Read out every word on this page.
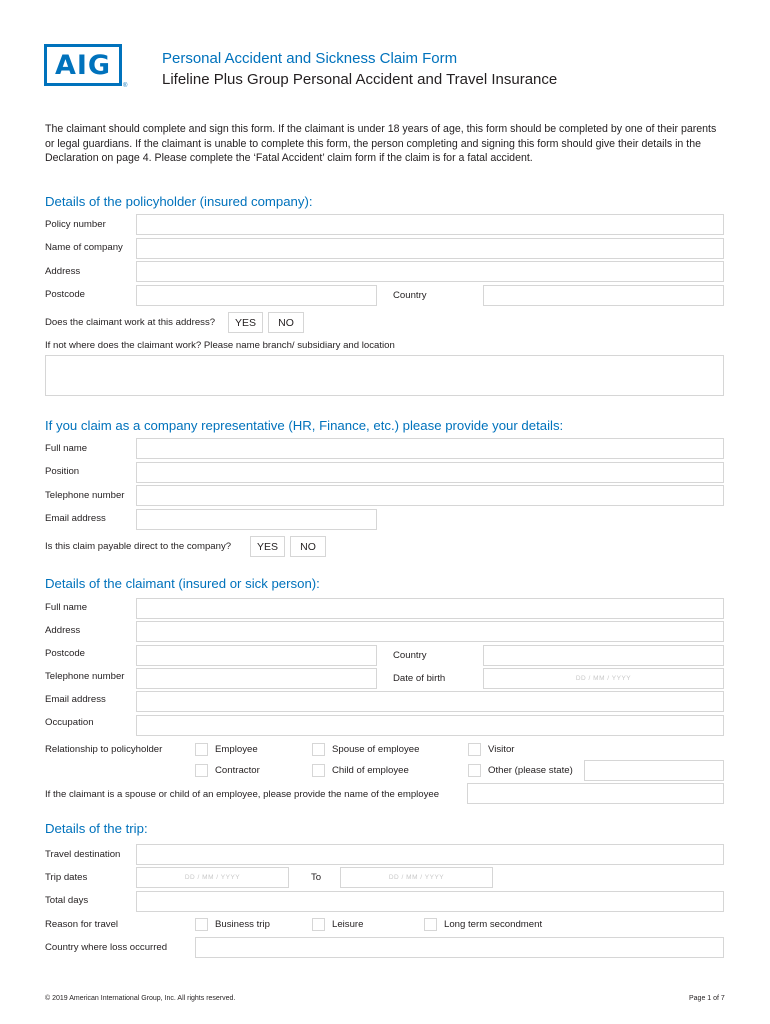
AIG
®
Personal Accident and Sickness Claim Form
Lifeline Plus Group Personal Accident and Travel Insurance
The claimant should complete and sign this form. If the claimant is under 18 years of age, this form should be completed by one of their parents or legal guardians. If the claimant is unable to complete this form, the person completing and signing this form should give their details in the Declaration on page 4. Please complete the ‘Fatal Accident’ claim form if the claim is for a fatal accident.
Details of the policyholder (insured company):
Policy number
Name of company
Address
Postcode	Country
Does the claimant work at this address?	YES	NO
If not where does the claimant work? Please name branch/ subsidiary and location
If you claim as a company representative (HR, Finance, etc.) please provide your details:
Full name
Position
Telephone number
Email address
Is this claim payable direct to the company?	YES	NO
Details of the claimant (insured or sick person):
Full name
Address
Postcode	Country
Telephone number	Date of birth	DD / MM / YYYY
Email address
Occupation
Relationship to policyholder	Employee	Spouse of employee	Visitor
Contractor	Child of employee	Other (please state)
If the claimant is a spouse or child of an employee, please provide the name of the employee
Details of the trip:
Travel destination
Trip dates	DD / MM / YYYY	To	DD / MM / YYYY
Total days
Reason for travel	Business trip	Leisure	Long term secondment
Country where loss occurred
© 2019 American International Group, Inc. All rights reserved.	Page 1 of 7
